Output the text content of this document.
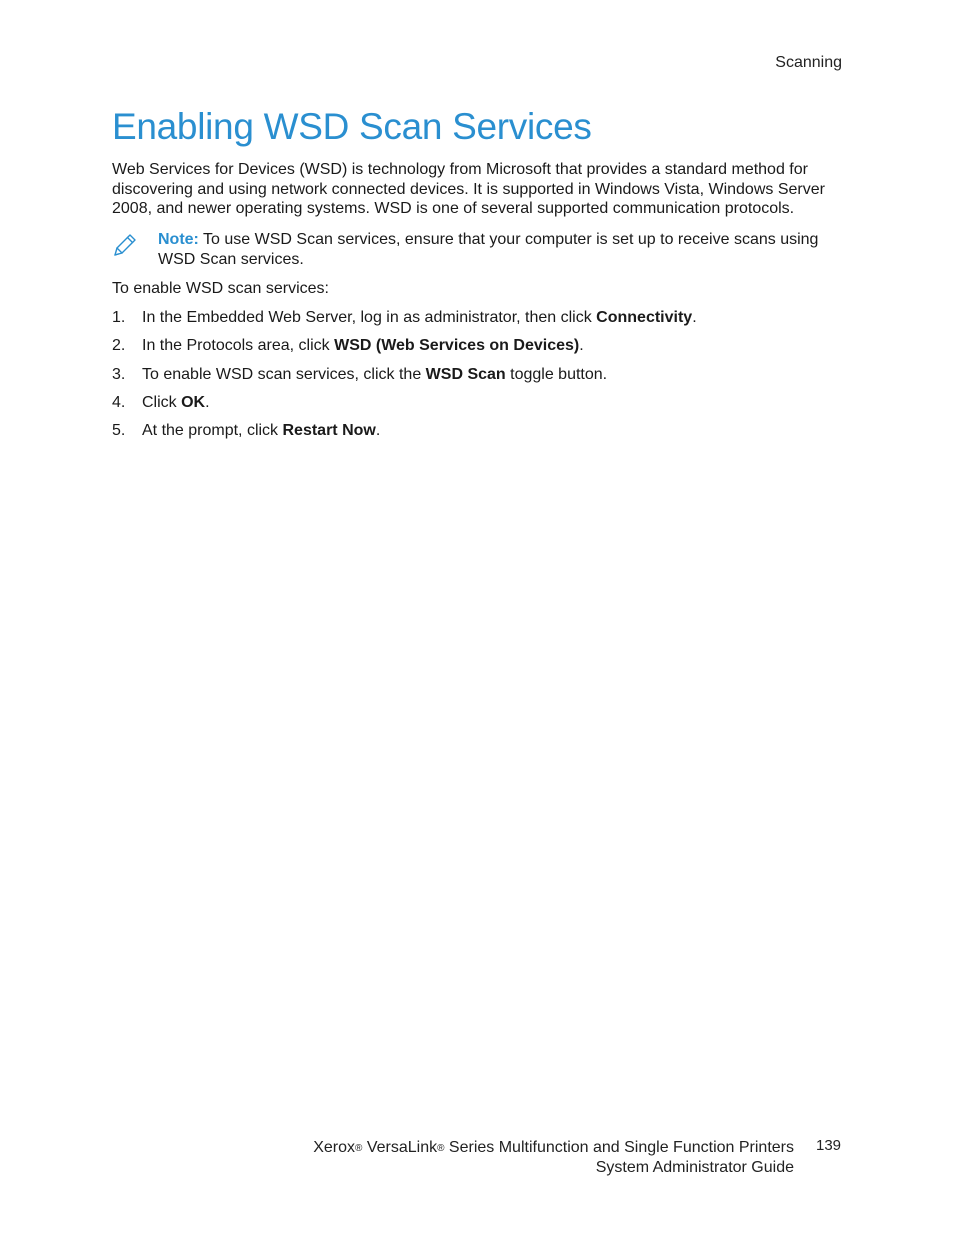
Scanning
Enabling WSD Scan Services

Web Services for Devices (WSD) is technology from Microsoft that provides a standard method for discovering and using network connected devices. It is supported in Windows Vista, Windows Server 2008, and newer operating systems. WSD is one of several supported communication protocols.

Note: To use WSD Scan services, ensure that your computer is set up to receive scans using WSD Scan services.

To enable WSD scan services:

1. In the Embedded Web Server, log in as administrator, then click Connectivity.
2. In the Protocols area, click WSD (Web Services on Devices).
3. To enable WSD scan services, click the WSD Scan toggle button.
4. Click OK.
5. At the prompt, click Restart Now.
Xerox® VersaLink® Series Multifunction and Single Function Printers
System Administrator Guide
139
